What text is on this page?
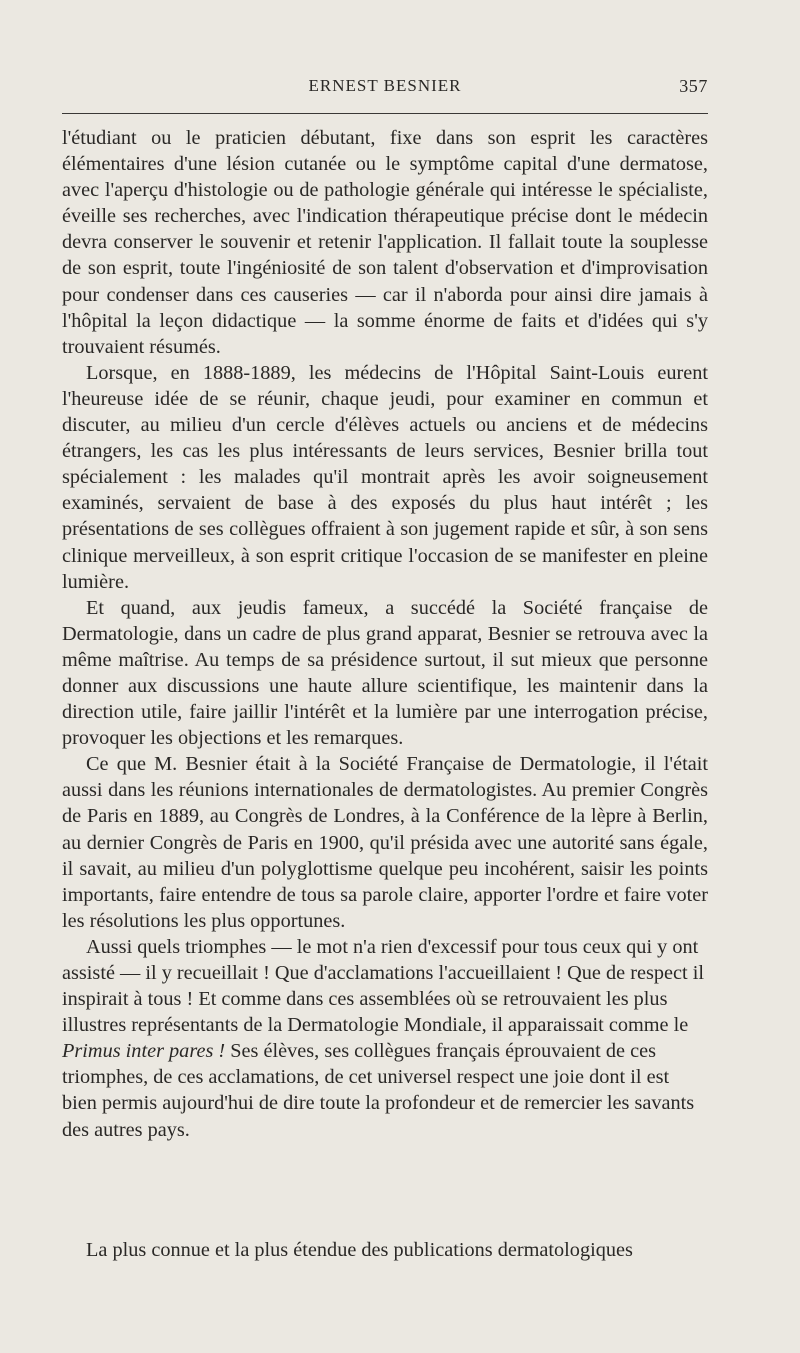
ERNEST BESNIER	357

l'étudiant ou le praticien débutant, fixe dans son esprit les caractères élémentaires d'une lésion cutanée ou le symptôme capital d'une dermatose, avec l'aperçu d'histologie ou de pathologie générale qui intéresse le spécialiste, éveille ses recherches, avec l'indication thérapeutique précise dont le médecin devra conserver le souvenir et retenir l'application. Il fallait toute la souplesse de son esprit, toute l'ingéniosité de son talent d'observation et d'improvisation pour condenser dans ces causeries — car il n'aborda pour ainsi dire jamais à l'hôpital la leçon didactique — la somme énorme de faits et d'idées qui s'y trouvaient résumés.

Lorsque, en 1888-1889, les médecins de l'Hôpital Saint-Louis eurent l'heureuse idée de se réunir, chaque jeudi, pour examiner en commun et discuter, au milieu d'un cercle d'élèves actuels ou anciens et de médecins étrangers, les cas les plus intéressants de leurs services, Besnier brilla tout spécialement : les malades qu'il montrait après les avoir soigneusement examinés, servaient de base à des exposés du plus haut intérêt ; les présentations de ses collègues offraient à son jugement rapide et sûr, à son sens clinique merveilleux, à son esprit critique l'occasion de se manifester en pleine lumière.

Et quand, aux jeudis fameux, a succédé la Société française de Dermatologie, dans un cadre de plus grand apparat, Besnier se retrouva avec la même maîtrise. Au temps de sa présidence surtout, il sut mieux que personne donner aux discussions une haute allure scientifique, les maintenir dans la direction utile, faire jaillir l'intérêt et la lumière par une interrogation précise, provoquer les objections et les remarques.

Ce que M. Besnier était à la Société Française de Dermatologie, il l'était aussi dans les réunions internationales de dermatologistes. Au premier Congrès de Paris en 1889, au Congrès de Londres, à la Conférence de la lèpre à Berlin, au dernier Congrès de Paris en 1900, qu'il présida avec une autorité sans égale, il savait, au milieu d'un polyglottisme quelque peu incohérent, saisir les points importants, faire entendre de tous sa parole claire, apporter l'ordre et faire voter les résolutions les plus opportunes.

Aussi quels triomphes — le mot n'a rien d'excessif pour tous ceux qui y ont assisté — il y recueillait ! Que d'acclamations l'accueillaient ! Que de respect il inspirait à tous ! Et comme dans ces assemblées où se retrouvaient les plus illustres représentants de la Dermatologie Mondiale, il apparaissait comme le Primus inter pares ! Ses élèves, ses collègues français éprouvaient de ces triomphes, de ces acclamations, de cet universel respect une joie dont il est bien permis aujourd'hui de dire toute la profondeur et de remercier les savants des autres pays.

La plus connue et la plus étendue des publications dermatologiques
